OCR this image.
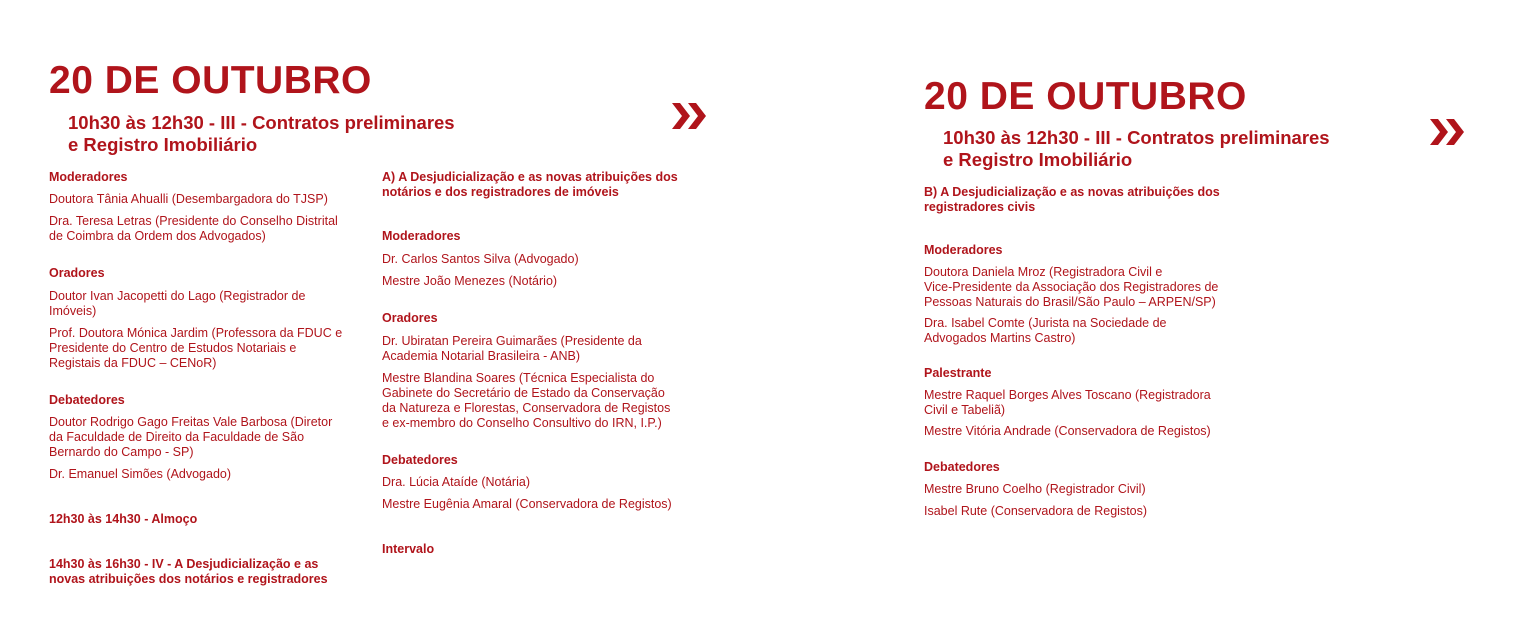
20 DE OUTUBRO
10h30 às 12h30 - III - Contratos preliminares
e Registro Imobiliário
Moderadores
Doutora Tânia Ahualli (Desembargadora do TJSP)
Dra. Teresa Letras (Presidente do Conselho Distrital
de Coimbra da Ordem dos Advogados)
Oradores
Doutor Ivan Jacopetti do Lago (Registrador de
Imóveis)
Prof. Doutora Mónica Jardim (Professora da FDUC e
Presidente do Centro de Estudos Notariais e
Registais da FDUC – CENoR)
Debatedores
Doutor Rodrigo Gago Freitas Vale Barbosa (Diretor
da Faculdade de Direito da Faculdade de São
Bernardo do Campo - SP)
Dr. Emanuel Simões (Advogado)
12h30 às 14h30 - Almoço
14h30 às 16h30 - IV - A Desjudicialização e as
novas atribuições dos notários e registradores
A) A Desjudicialização e as novas atribuições dos
notários e dos registradores de imóveis
Moderadores
Dr. Carlos Santos Silva (Advogado)
Mestre João Menezes (Notário)
Oradores
Dr. Ubiratan Pereira Guimarães (Presidente da
Academia Notarial Brasileira - ANB)
Mestre Blandina Soares (Técnica Especialista do
Gabinete do Secretário de Estado da Conservação
da Natureza e Florestas, Conservadora de Registos
e ex-membro do Conselho Consultivo do IRN, I.P.)
Debatedores
Dra. Lúcia Ataíde (Notária)
Mestre Eugênia Amaral (Conservadora de Registos)
Intervalo
20 DE OUTUBRO
10h30 às 12h30 - III - Contratos preliminares
e Registro Imobiliário
B) A Desjudicialização e as novas atribuições dos
registradores civis
Moderadores
Doutora Daniela Mroz (Registradora Civil e
Vice-Presidente da Associação dos Registradores de
Pessoas Naturais do Brasil/São Paulo – ARPEN/SP)
Dra. Isabel Comte (Jurista na Sociedade de
Advogados Martins Castro)
Palestrante
Mestre Raquel Borges Alves Toscano (Registradora
Civil e Tabeliã)
Mestre Vitória Andrade (Conservadora de Registos)
Debatedores
Mestre Bruno Coelho (Registrador Civil)
Isabel Rute (Conservadora de Registos)
